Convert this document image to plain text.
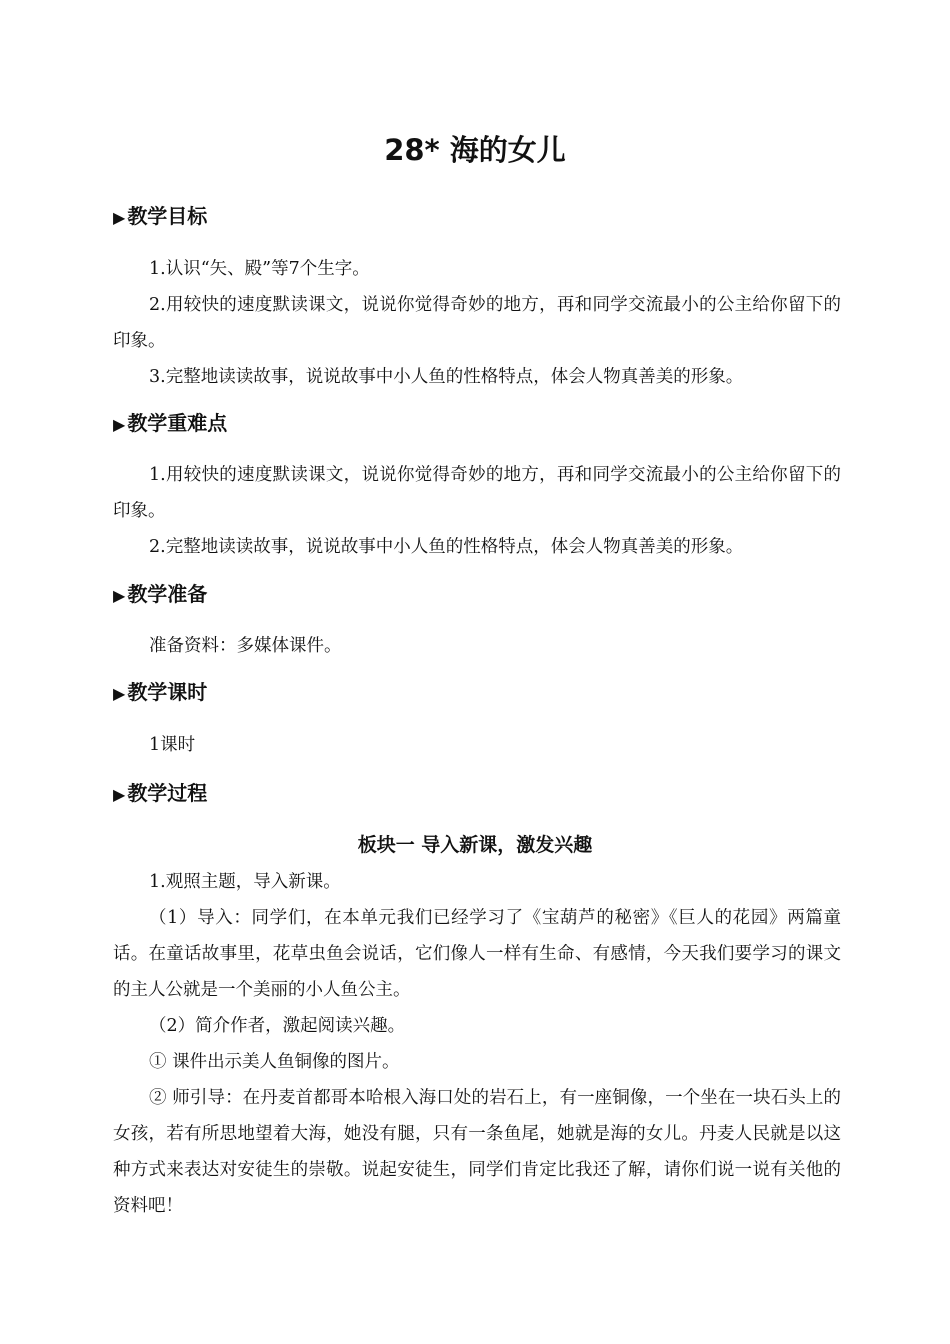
28* 海的女儿
▶ 教学目标
1.认识“矢、殿”等7个生字。
2.用较快的速度默读课文，说说你觉得奇妙的地方，再和同学交流最小的公主给你留下的印象。
3.完整地读读故事，说说故事中小人鱼的性格特点，体会人物真善美的形象。
▶ 教学重难点
1.用较快的速度默读课文，说说你觉得奇妙的地方，再和同学交流最小的公主给你留下的印象。
2.完整地读读故事，说说故事中小人鱼的性格特点，体会人物真善美的形象。
▶ 教学准备
准备资料：多媒体课件。
▶ 教学课时
1课时
▶ 教学过程
板块一 导入新课，激发兴趣
1.观照主题，导入新课。
（1）导入：同学们，在本单元我们已经学习了《宝葫芦的秘密》《巨人的花园》两篇童话。在童话故事里，花草虫鱼会说话，它们像人一样有生命、有感情，今天我们要学习的课文的主人公就是一个美丽的小人鱼公主。
（2）简介作者，激起阅读兴趣。
① 课件出示美人鱼铜像的图片。
② 师引导：在丹麦首都哥本哈根入海口处的岩石上，有一座铜像，一个坐在一块石头上的女孩，若有所思地望着大海，她没有腿，只有一条鱼尾，她就是海的女儿。丹麦人民就是以这种方式来表达对安徒生的崇敬。说起安徒生，同学们肯定比我还了解，请你们说一说有关他的资料吧！
